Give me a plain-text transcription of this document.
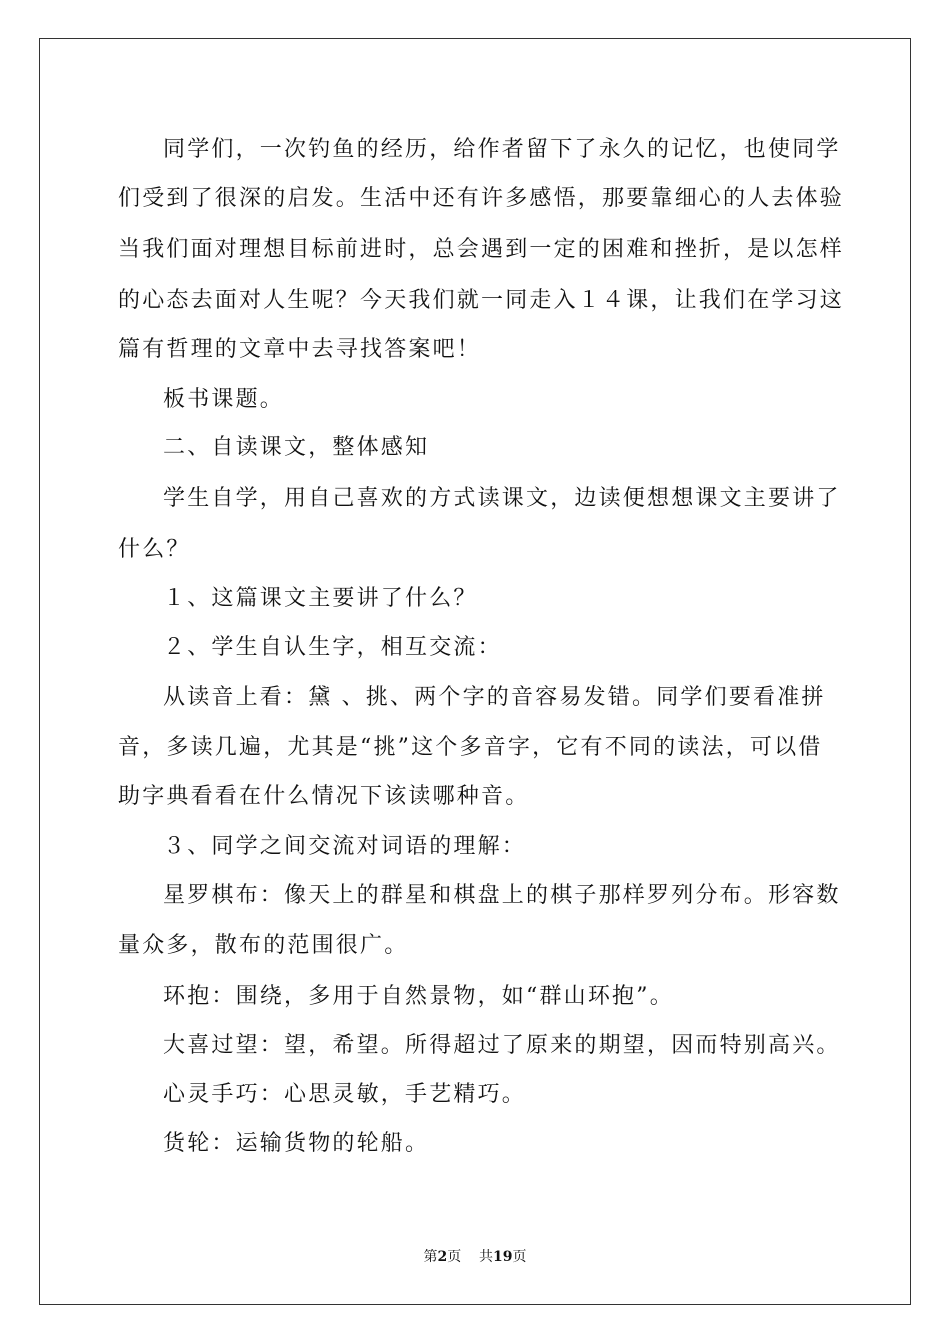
同学们，一次钓鱼的经历，给作者留下了永久的记忆，也使同学
们受到了很深的启发。生活中还有许多感悟，那要靠细心的人去体验
当我们面对理想目标前进时，总会遇到一定的困难和挫折，是以怎样
的心态去面对人生呢？今天我们就一同走入１４课，让我们在学习这
篇有哲理的文章中去寻找答案吧！
板书课题。
二、自读课文，整体感知
学生自学，用自己喜欢的方式读课文，边读便想想课文主要讲了
什么？
１、这篇课文主要讲了什么？
２、学生自认生字，相互交流：
从读音上看：黛 、挑、两个字的音容易发错。同学们要看准拼
音，多读几遍，尤其是“挑”这个多音字，它有不同的读法，可以借
助字典看看在什么情况下该读哪种音。
３、同学之间交流对词语的理解：
星罗棋布：像天上的群星和棋盘上的棋子那样罗列分布。形容数
量众多，散布的范围很广。
环抱：围绕，多用于自然景物，如“群山环抱”。
大喜过望：望，希望。所得超过了原来的期望，因而特别高兴。
心灵手巧：心思灵敏，手艺精巧。
货轮：运输货物的轮船。
第2页 共19页
